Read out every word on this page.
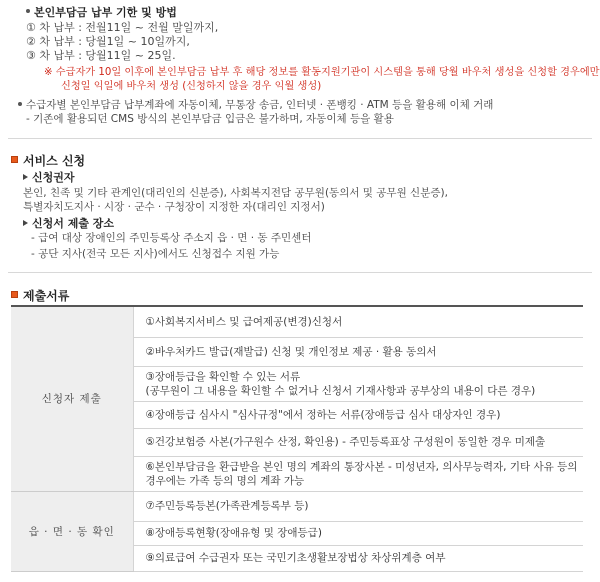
본인부담금 납부 기한 및 방법
① 차 납부 : 전월11일 ~ 전월 말일까지,
② 차 납부 : 당월1일 ~ 10일까지,
③ 차 납부 : 당월11일 ~ 25일.
※ 수급자가 10일 이후에 본인부담금 납부 후 해당 정보를 활동지원기관이 시스템을 통해 당월 바우처 생성을 신청할 경우에만
신청일 익일에 바우처 생성 (신청하지 않을 경우 익월 생성)
수급자별 본인부담금 납부계좌에 자동이체, 무통장 송금, 인터넷 · 폰뱅킹 · ATM 등을 활용해 이체 거래
- 기존에 활용되던 CMS 방식의 본인부담금 입금은 불가하며, 자동이체 등을 활용
서비스 신청
신청권자
본인, 친족 및 기타 관계인(대리인의 신분증), 사회복지전담 공무원(동의서 및 공무원 신분증),
특별자치도지사 · 시장 · 군수 · 구청장이 지정한 자(대리인 지정서)
신청서 제출 장소
- 급여 대상 장애인의 주민등록상 주소지 읍 · 면 · 동 주민센터
- 공단 지사(전국 모든 지사)에서도 신청접수 지원 가능
제출서류
신청자 제출	①사회복지서비스 및 급여제공(변경)신청서
	②바우처카드 발급(재발급) 신청 및 개인정보 제공 · 활용 동의서

	③장애등급을 확인할 수 있는 서류
(공무원이 그 내용을 확인할 수 없거나 신청서 기재사항과 공부상의 내용이 다른 경우)

	④장애등급 심사시 "심사규정"에서 정하는 서류(장애등급 심사 대상자인 경우)
	⑤건강보험증 사본(가구원수 산정, 확인용) - 주민등록표상 구성원이 동일한 경우 미제출

	⑥본인부담금을 환급받을 본인 명의 계좌의 통장사본 - 미성년자, 의사무능력자, 기타 사유 등의
경우에는 가족 등의 명의 계좌 가능

읍 · 면 · 동 확인	⑦주민등록등본(가족관계등록부 등)
	⑧장애등록현황(장애유형 및 장애등급)
	⑨의료급여 수급권자 또는 국민기초생활보장법상 차상위계층 여부
